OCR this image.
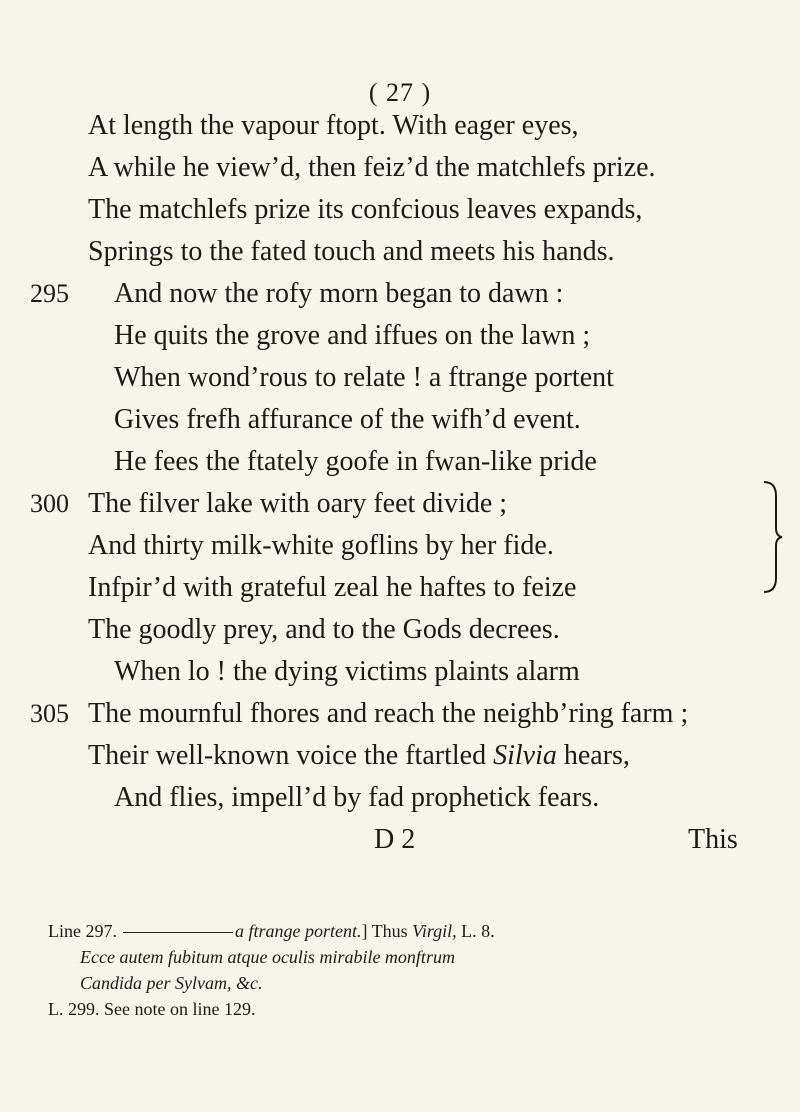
( 27 )
At length the vapour ftopt. With eager eyes,
A while he view’d, then feiz’d the matchlefs prize.
The matchlefs prize its confcious leaves expands,
Springs to the fated touch and meets his hands.
295	And now the rofy morn began to dawn :
He quits the grove and iffues on the lawn ;
When wond’rous to relate ! a ftrange portent
Gives frefh affurance of the wifh’d event.
He fees the ftately goofe in fwan-like pride
300 The filver lake with oary feet divide ;
And thirty milk-white goflins by her fide.
Infpir’d with grateful zeal he haftes to feize
The goodly prey, and to the Gods decrees.
When lo ! the dying victims plaints alarm
305 The mournful fhores and reach the neighb’ring farm ;
Their well-known voice the ftartled Silvia hears,
And flies, impell’d by fad prophetick fears.
D 2	This
Line 297.	a ftrange portent.] Thus Virgil, L. 8.
Ecce autem fubitum atque oculis mirabile monftrum
Candida per Sylvam, &c.
L. 299. See note on line 129.
